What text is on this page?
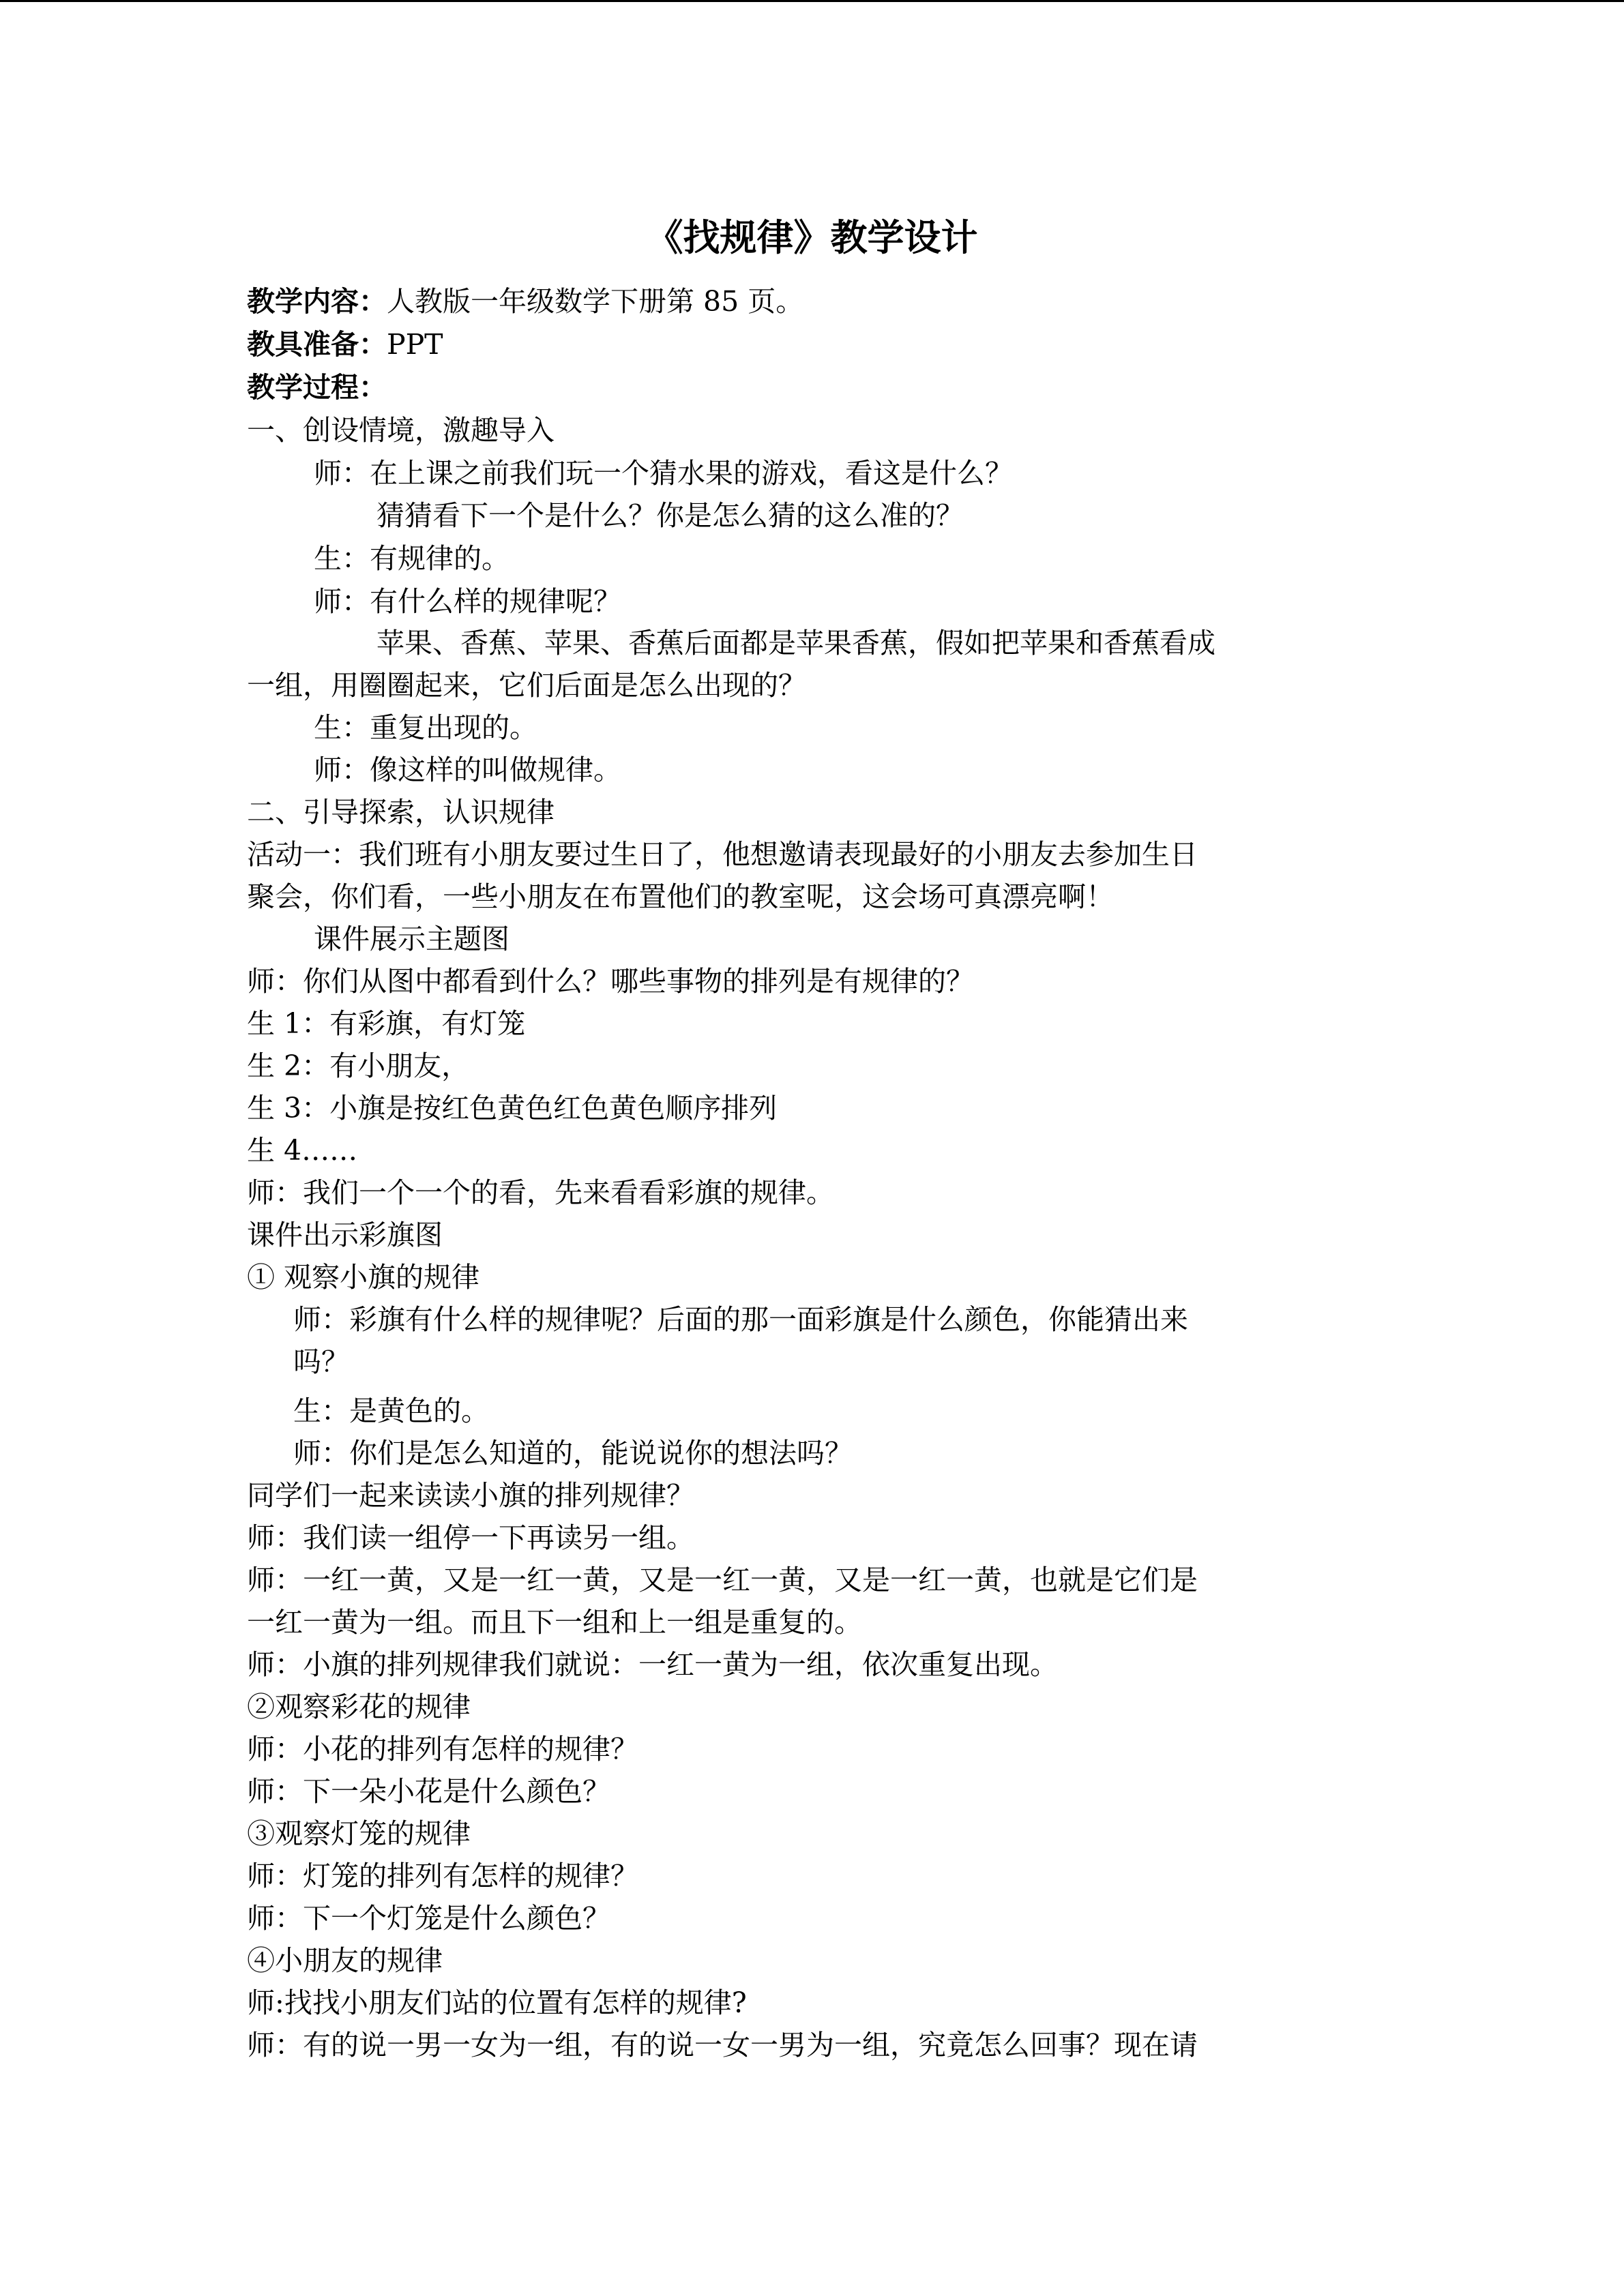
《找规律》教学设计
教学内容：人教版一年级数学下册第 85 页。
教具准备：PPT
教学过程：
一、创设情境，激趣导入
师：在上课之前我们玩一个猜水果的游戏，看这是什么？
猜猜看下一个是什么？你是怎么猜的这么准的？
生：有规律的。
师：有什么样的规律呢？
苹果、香蕉、苹果、香蕉后面都是苹果香蕉，假如把苹果和香蕉看成
一组，用圈圈起来，它们后面是怎么出现的？
生：重复出现的。
师：像这样的叫做规律。
二、引导探索，认识规律
活动一：我们班有小朋友要过生日了，他想邀请表现最好的小朋友去参加生日
聚会，你们看，一些小朋友在布置他们的教室呢，这会场可真漂亮啊！
课件展示主题图
师：你们从图中都看到什么？哪些事物的排列是有规律的？
生 1：有彩旗，有灯笼
生 2：有小朋友，
生 3：小旗是按红色黄色红色黄色顺序排列
生 4……
师：我们一个一个的看，先来看看彩旗的规律。
课件出示彩旗图
① 观察小旗的规律
师：彩旗有什么样的规律呢？后面的那一面彩旗是什么颜色，你能猜出来
吗？
生：是黄色的。
师：你们是怎么知道的，能说说你的想法吗？
同学们一起来读读小旗的排列规律？
师：我们读一组停一下再读另一组。
师：一红一黄，又是一红一黄，又是一红一黄，又是一红一黄，也就是它们是
一红一黄为一组。而且下一组和上一组是重复的。
师：小旗的排列规律我们就说：一红一黄为一组，依次重复出现。
②观察彩花的规律
师：小花的排列有怎样的规律？
师：下一朵小花是什么颜色？
③观察灯笼的规律
师：灯笼的排列有怎样的规律？
师：下一个灯笼是什么颜色？
④小朋友的规律
师:找找小朋友们站的位置有怎样的规律?
师：有的说一男一女为一组，有的说一女一男为一组，究竟怎么回事？现在请
